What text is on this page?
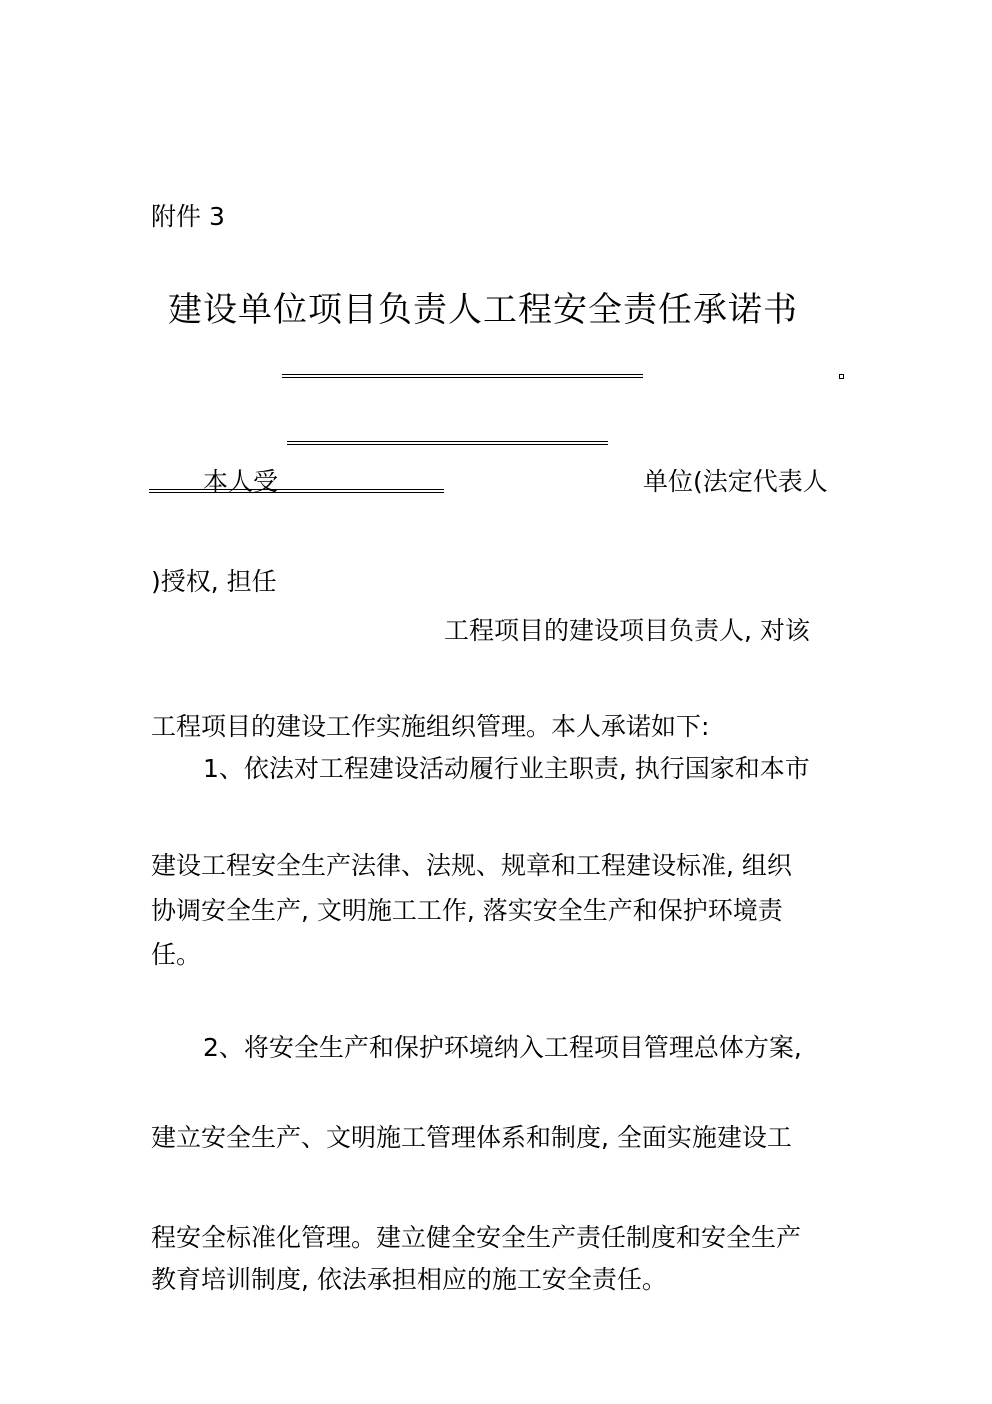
附件 3
建设单位项目负责人工程安全责任承诺书
本人受	单位(法定代表人
)授权, 担任
工程项目的建设项目负责人, 对该
工程项目的建设工作实施组织管理。本人承诺如下:
1、依法对工程建设活动履行业主职责, 执行国家和本市
建设工程安全生产法律、法规、规章和工程建设标准, 组织
协调安全生产, 文明施工工作, 落实安全生产和保护环境责
任。
2、将安全生产和保护环境纳入工程项目管理总体方案,
建立安全生产、文明施工管理体系和制度, 全面实施建设工
程安全标准化管理。建立健全安全生产责任制度和安全生产
教育培训制度, 依法承担相应的施工安全责任。
